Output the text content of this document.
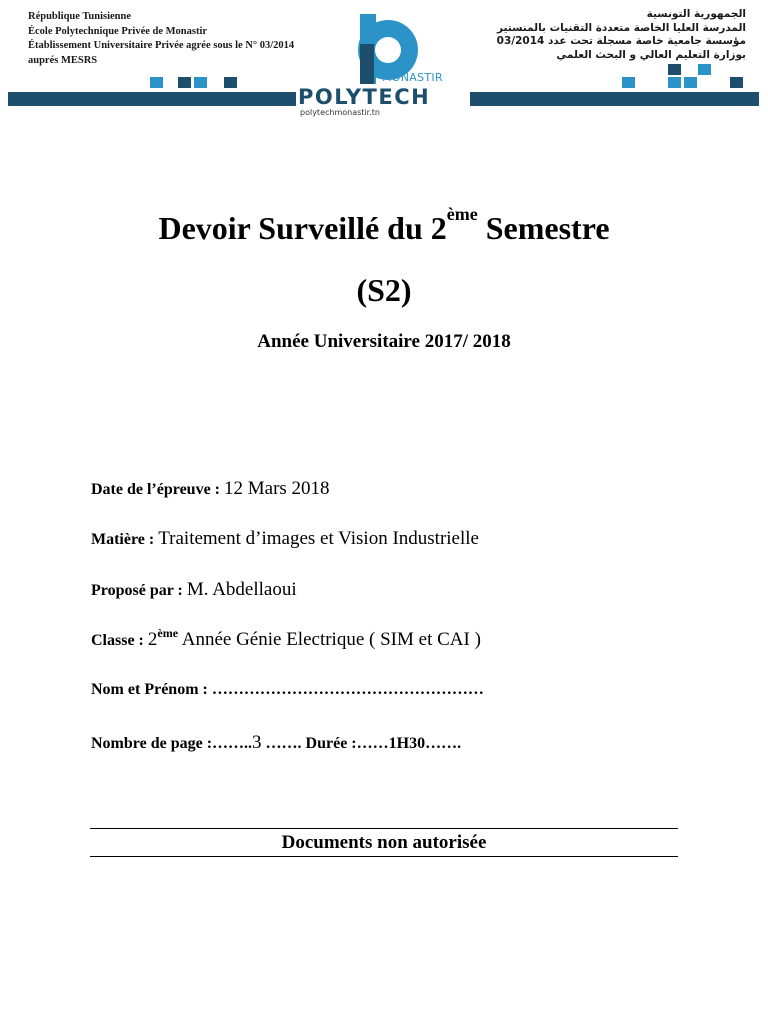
République Tunisienne
École Polytechnique Privée de Monastir
Établissement Universitaire Privée agrée sous le N° 03/2014
auprés MESRS
الجمهورية التونسية
المدرسة العليا الخاصة متعددة التقنيات بالمنستير
مؤسسة جامعية خاصة مسجلة تحت عدد 03/2014
بوزارة التعليم العالي و البحث العلمي
POLYTECH
MONASTIR
polytechmonastir.tn
Devoir Surveillé du 2ème Semestre
(S2)
Année Universitaire 2017/ 2018
Date de l’épreuve : 12 Mars 2018
Matière : Traitement d’images et Vision Industrielle
Proposé par : M. Abdellaoui
Classe : 2ème Année Génie Electrique ( SIM et CAI )
Nom et Prénom : ……………………………………………
Nombre de page :……..3 ……. Durée :……1H30…….
Documents non autorisée
